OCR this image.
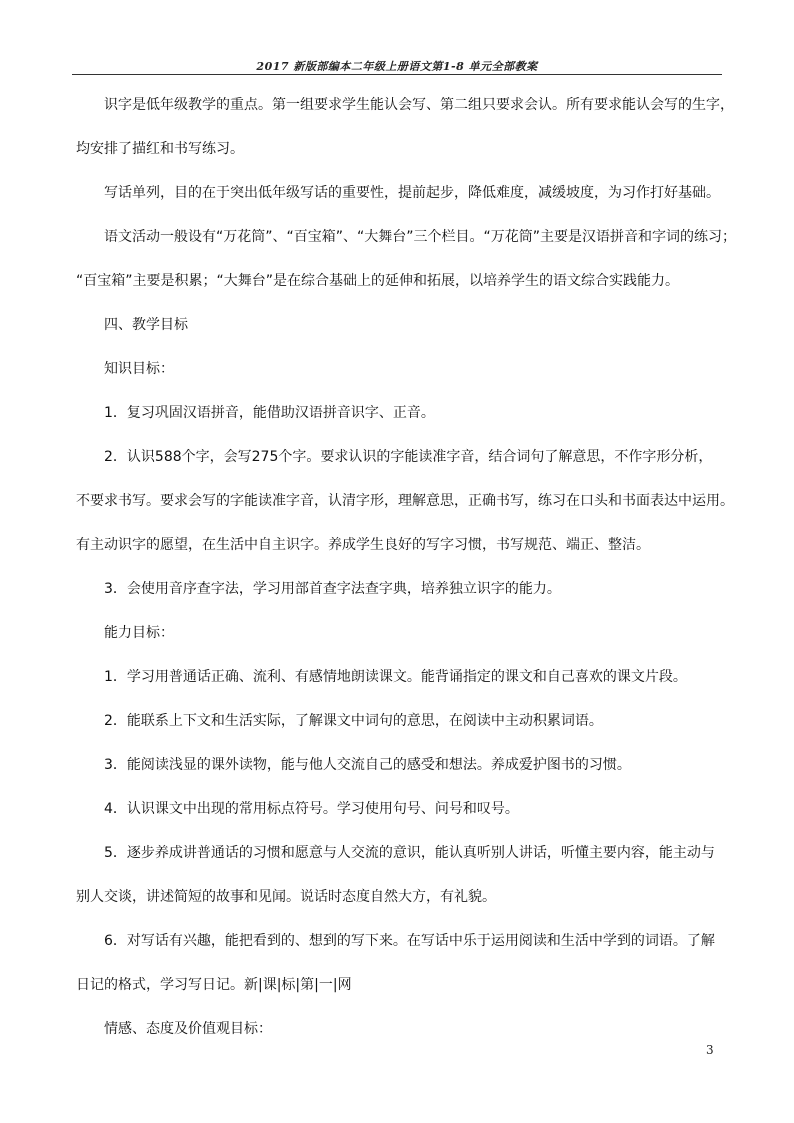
2017 新版部编本二年级上册语文第1-8 单元全部教案

识字是低年级教学的重点。第一组要求学生能认会写、第二组只要求会认。所有要求能认会写的生字，

均安排了描红和书写练习。

写话单列，目的在于突出低年级写话的重要性，提前起步，降低难度，减缓坡度，为习作打好基础。

语文活动一般设有“万花筒”、“百宝箱”、“大舞台”三个栏目。“万花筒”主要是汉语拼音和字词的练习；

“百宝箱”主要是积累；“大舞台”是在综合基础上的延伸和拓展，以培养学生的语文综合实践能力。

四、教学目标

知识目标：

1．复习巩固汉语拼音，能借助汉语拼音识字、正音。

2．认识588个字，会写275个字。要求认识的字能读准字音，结合词句了解意思，不作字形分析，

不要求书写。要求会写的字能读准字音，认清字形，理解意思，正确书写，练习在口头和书面表达中运用。

有主动识字的愿望，在生活中自主识字。养成学生良好的写字习惯，书写规范、端正、整洁。

3．会使用音序查字法，学习用部首查字法查字典，培养独立识字的能力。

能力目标：

1．学习用普通话正确、流利、有感情地朗读课文。能背诵指定的课文和自己喜欢的课文片段。

2．能联系上下文和生活实际，了解课文中词句的意思，在阅读中主动积累词语。

3．能阅读浅显的课外读物，能与他人交流自己的感受和想法。养成爱护图书的习惯。

4．认识课文中出现的常用标点符号。学习使用句号、问号和叹号。

5．逐步养成讲普通话的习惯和愿意与人交流的意识，能认真听别人讲话，听懂主要内容，能主动与

别人交谈，讲述简短的故事和见闻。说话时态度自然大方，有礼貌。

6．对写话有兴趣，能把看到的、想到的写下来。在写话中乐于运用阅读和生活中学到的词语。了解

日记的格式，学习写日记。新|课|标|第|一|网

情感、态度及价值观目标：

3
